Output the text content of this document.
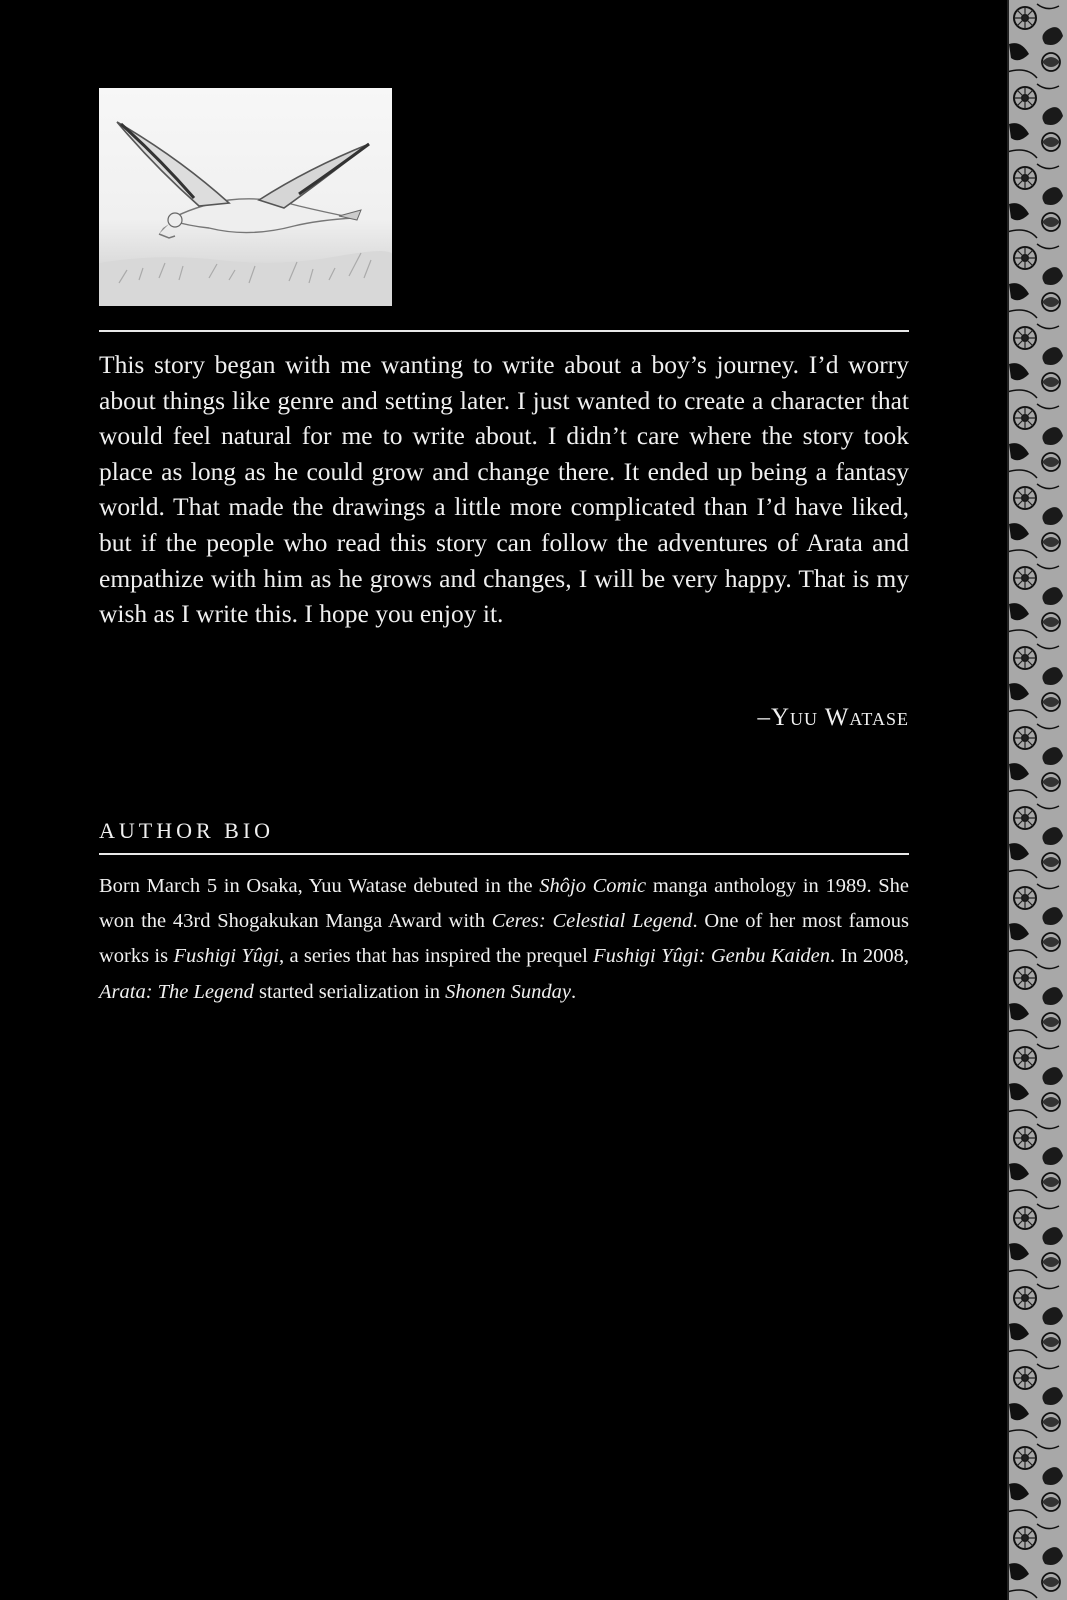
This story began with me wanting to write about a boy’s journey. I’d worry about things like genre and setting later. I just wanted to create a character that would feel natural for me to write about. I didn’t care where the story took place as long as he could grow and change there. It ended up being a fantasy world. That made the drawings a little more complicated than I’d have liked, but if the people who read this story can follow the adventures of Arata and empathize with him as he grows and changes, I will be very happy. That is my wish as I write this. I hope you enjoy it.

–Yuu Watase
AUTHOR BIO

Born March 5 in Osaka, Yuu Watase debuted in the Shôjo Comic manga anthology in 1989. She won the 43rd Shogakukan Manga Award with Ceres: Celestial Legend. One of her most famous works is Fushigi Yûgi, a series that has inspired the prequel Fushigi Yûgi: Genbu Kaiden. In 2008, Arata: The Legend started serialization in Shonen Sunday.
